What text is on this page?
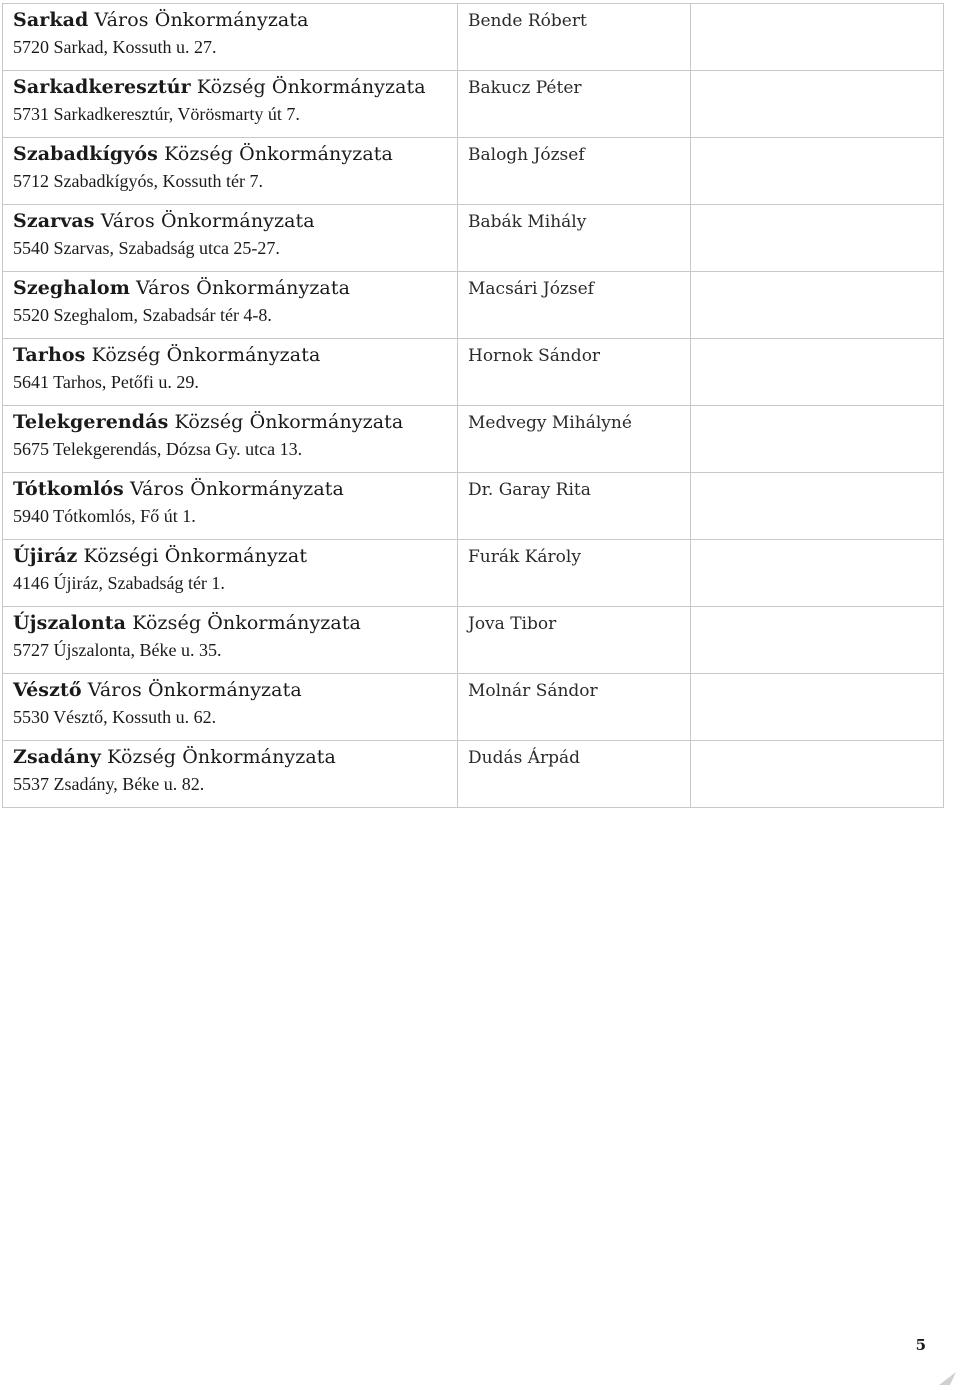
Sarkad Város Önkormányzata
5720 Sarkad, Kossuth u. 27.	Bende Róbert	

Sarkadkeresztúr Község Önkormányzata
5731 Sarkadkeresztúr, Vörösmarty út 7.	Bakucz Péter	

Szabadkígyós Község Önkormányzata
5712 Szabadkígyós, Kossuth tér 7.	Balogh József	

Szarvas Város Önkormányzata
5540 Szarvas, Szabadság utca 25-27.	Babák Mihály	

Szeghalom Város Önkormányzata
5520 Szeghalom, Szabadsár tér 4-8.	Macsári József	

Tarhos Község Önkormányzata
5641 Tarhos, Petőfi u. 29.	Hornok Sándor	

Telekgerendás Község Önkormányzata
5675 Telekgerendás, Dózsa Gy. utca 13.	Medvegy Mihályné	

Tótkomlós Város Önkormányzata
5940 Tótkomlós, Fő út 1.	Dr. Garay Rita	

Újiráz Községi Önkormányzat
4146 Újiráz, Szabadság tér 1.	Furák Károly	

Újszalonta Község Önkormányzata
5727 Újszalonta, Béke u. 35.	Jova Tibor	

Vésztő Város Önkormányzata
5530 Vésztő, Kossuth u. 62.	Molnár Sándor	

Zsadány Község Önkormányzata
5537 Zsadány, Béke u. 82.	Dudás Árpád	

5
